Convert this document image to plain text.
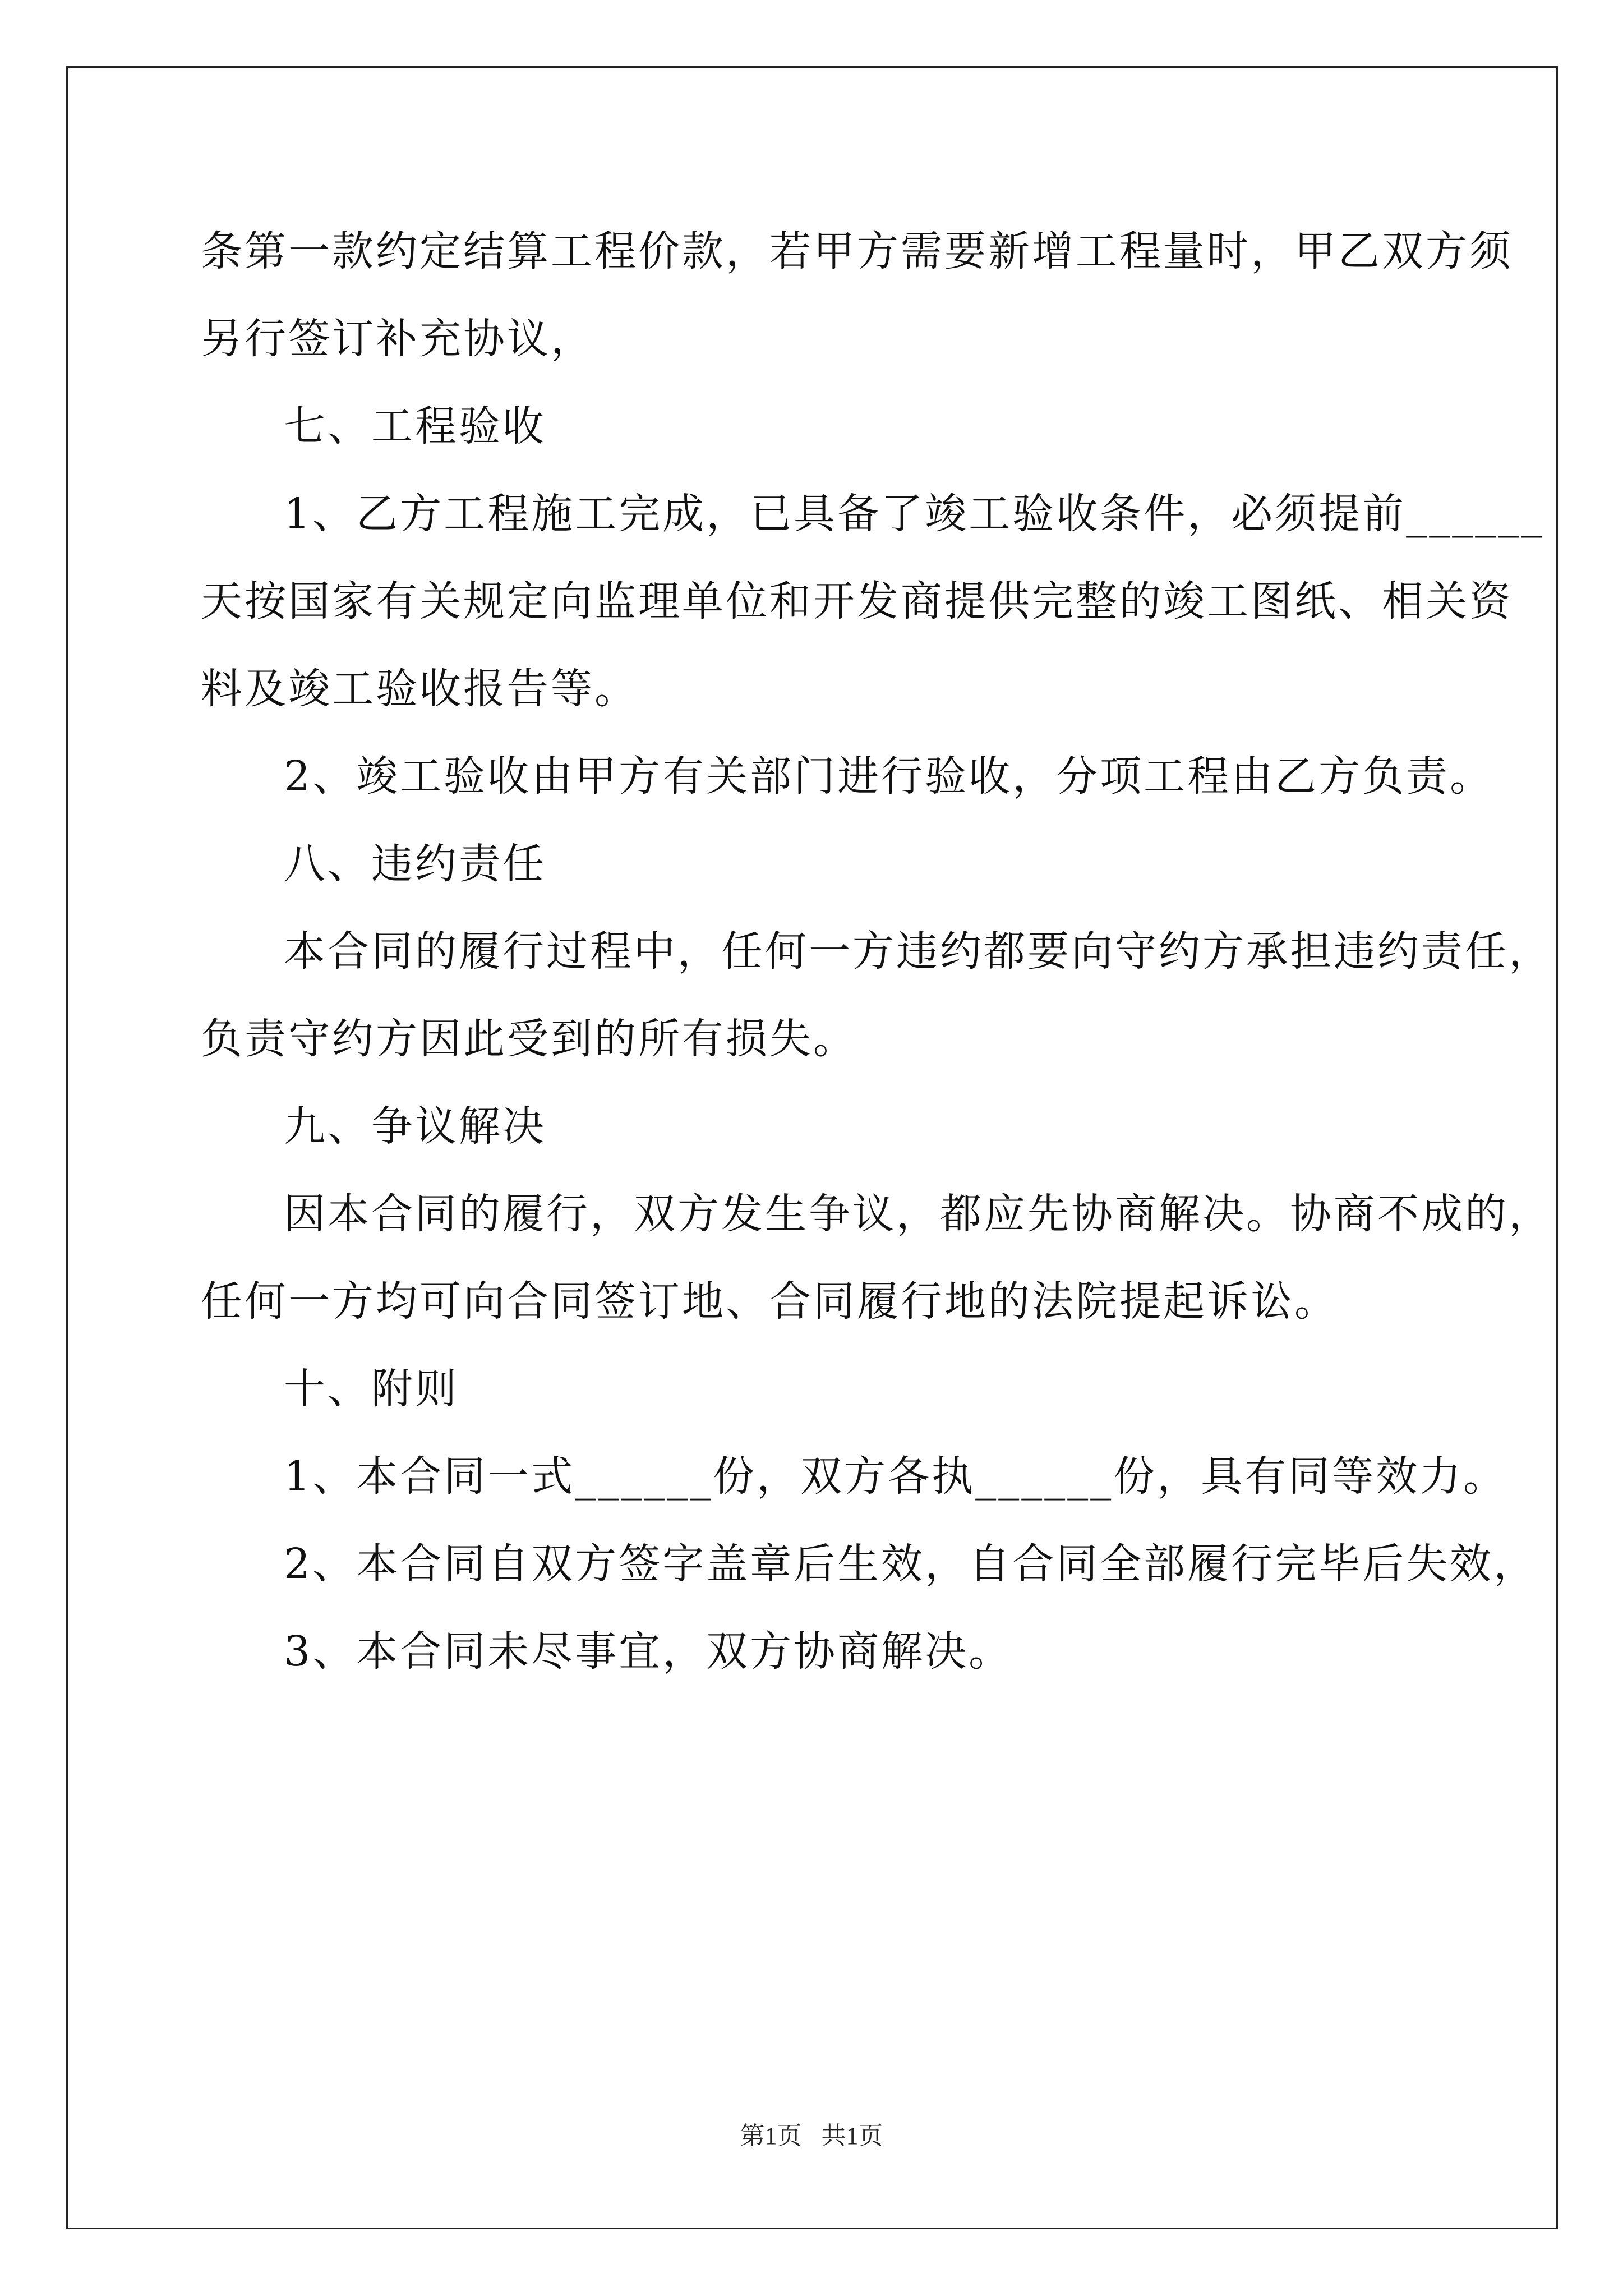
条第一款约定结算工程价款，若甲方需要新增工程量时，甲乙双方须
另行签订补充协议，
七、工程验收
1、乙方工程施工完成，已具备了竣工验收条件，必须提前______
天按国家有关规定向监理单位和开发商提供完整的竣工图纸、相关资
料及竣工验收报告等。
2、竣工验收由甲方有关部门进行验收，分项工程由乙方负责。
八、违约责任
本合同的履行过程中，任何一方违约都要向守约方承担违约责任，
负责守约方因此受到的所有损失。
九、争议解决
因本合同的履行，双方发生争议，都应先协商解决。协商不成的，
任何一方均可向合同签订地、合同履行地的法院提起诉讼。
十、附则
1、本合同一式______份，双方各执______份，具有同等效力。
2、本合同自双方签字盖章后生效，自合同全部履行完毕后失效，
3、本合同未尽事宜，双方协商解决。
第1页 共1页
